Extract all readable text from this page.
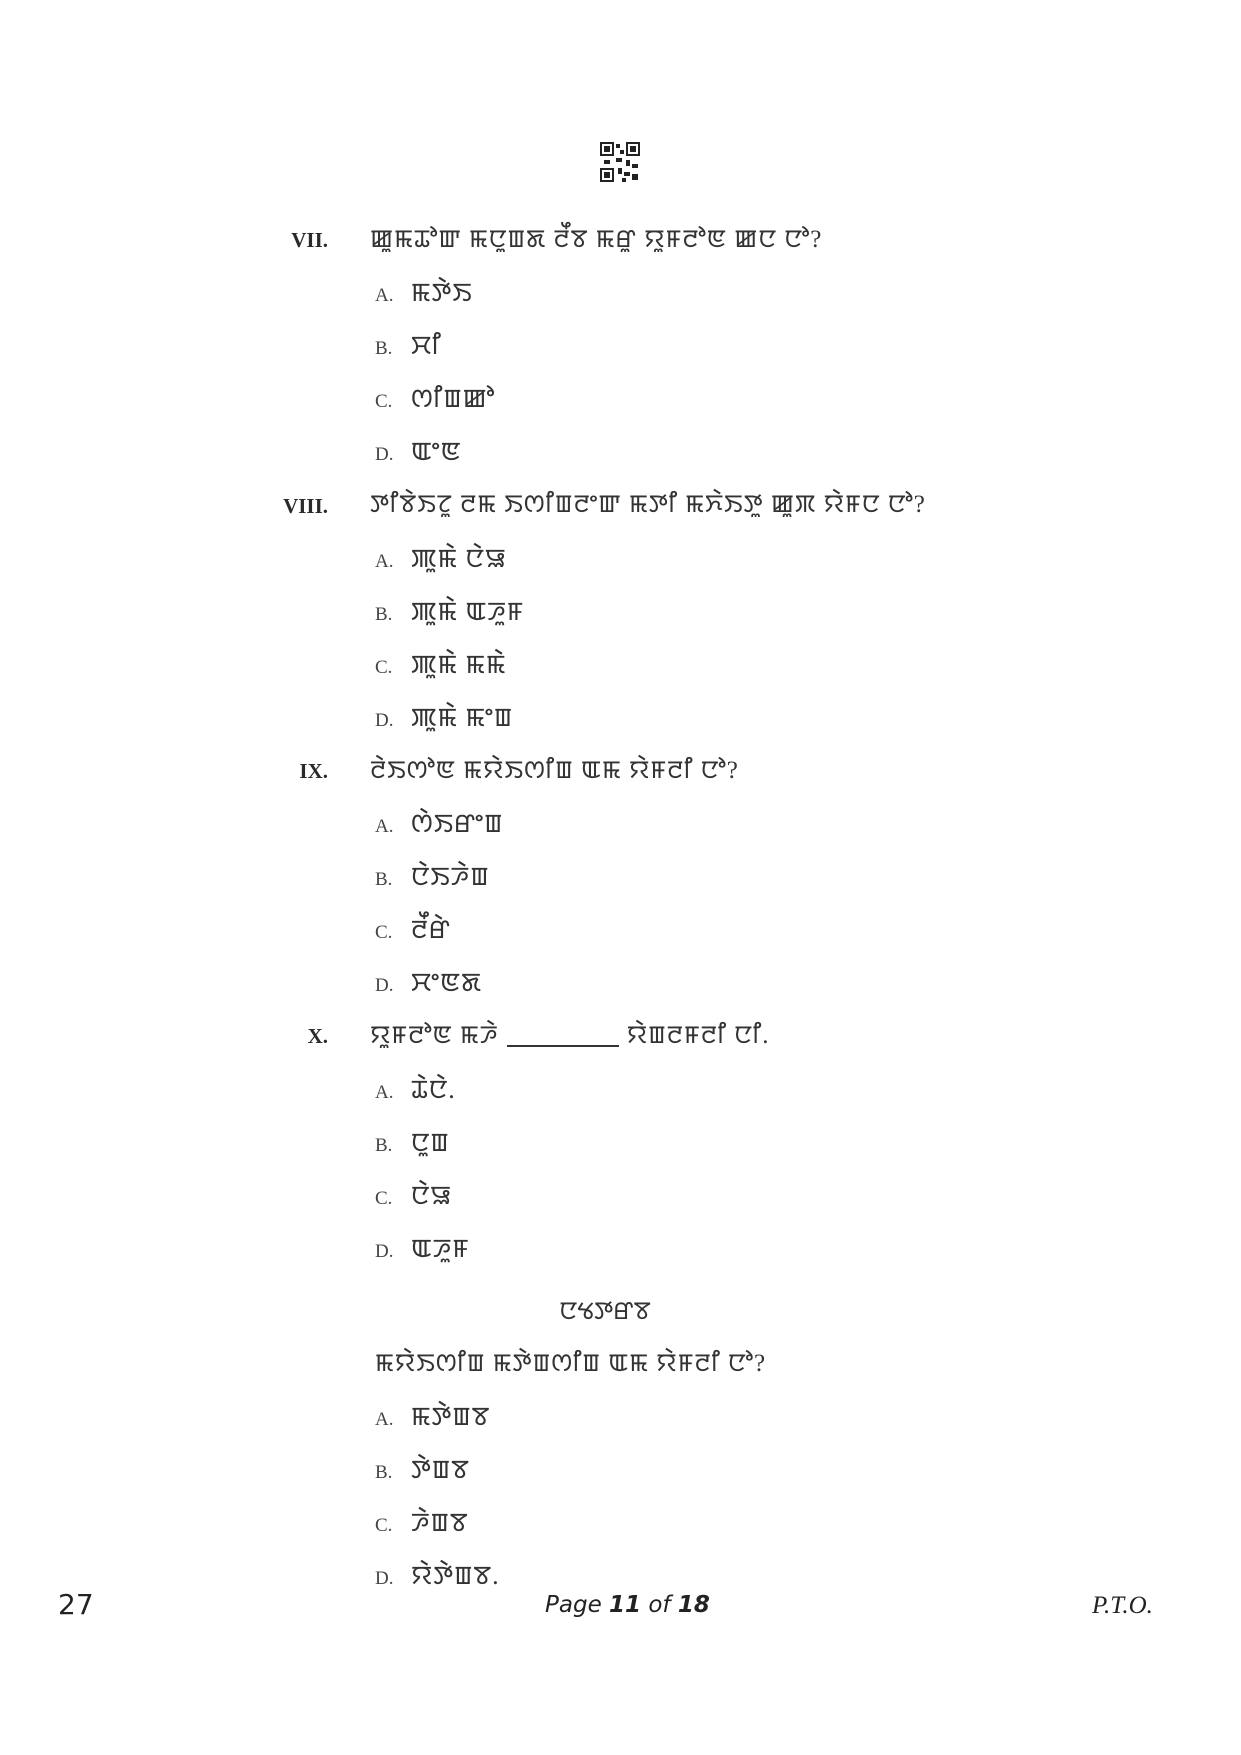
VII. ꯀꯨꯃꯊꯣꯛ ꯃꯅꯨꯡꯗ ꯂꯩꯕ ꯃꯔꯨ ꯌꯨꯝꯂꯣꯟ ꯀꯅ ꯅꯣ?
A. ꯃꯇꯥꯏ
B. ꯆꯤ
C. ꯁꯤꯡꯀꯣ
D. ꯑꯦꯟ
VIII. ꯇꯤꯕꯥꯏꯖꯨ ꯂꯃ ꯏꯁꯤꯡꯂꯦꯛ ꯃꯇꯤ ꯃꯈꯥꯏꯇꯨ ꯀꯨꯞ ꯌꯥꯝꯅ ꯅꯣ?
A. ꯄꯨꯃꯥ ꯅꯥꯎ
B. ꯄꯨꯃꯥ ꯑꯍꯨꯝ
C. ꯄꯨꯃꯥ ꯃꯃꯥ
D. ꯄꯨꯃꯥ ꯃꯦꯡ
IX. ꯂꯥꯏꯁꯣꯟ ꯃꯌꯥꯏꯁꯤꯡ ꯑꯃ ꯌꯥꯝꯂꯤ ꯅꯣ?
A. ꯁꯥꯏꯔꯦꯡ
B. ꯅꯥꯏꯍꯥꯡ
C. ꯂꯩꯔꯥ
D. ꯆꯦꯟꯗ
X. ꯌꯨꯝꯂꯣꯟ ꯃꯍꯥ	ꯌꯥꯡꯂꯝꯂꯤ ꯅꯤ.
A. ꯊꯥꯅꯥ.
B. ꯅꯨꯡ
C. ꯅꯥꯎ
D. ꯑꯍꯨꯝ
ꯅꯠꯇꯔꯕ
ꯃꯌꯥꯏꯁꯤꯡ ꯃꯇꯥꯡꯁꯤꯡ ꯑꯃ ꯌꯥꯝꯂꯤ ꯅꯣ?
A. ꯃꯇꯥꯡꯕ
B. ꯇꯥꯡꯕ
C. ꯍꯥꯡꯕ
D. ꯌꯥꯇꯥꯡꯕ.
27	Page 11 of 18	P.T.O.
